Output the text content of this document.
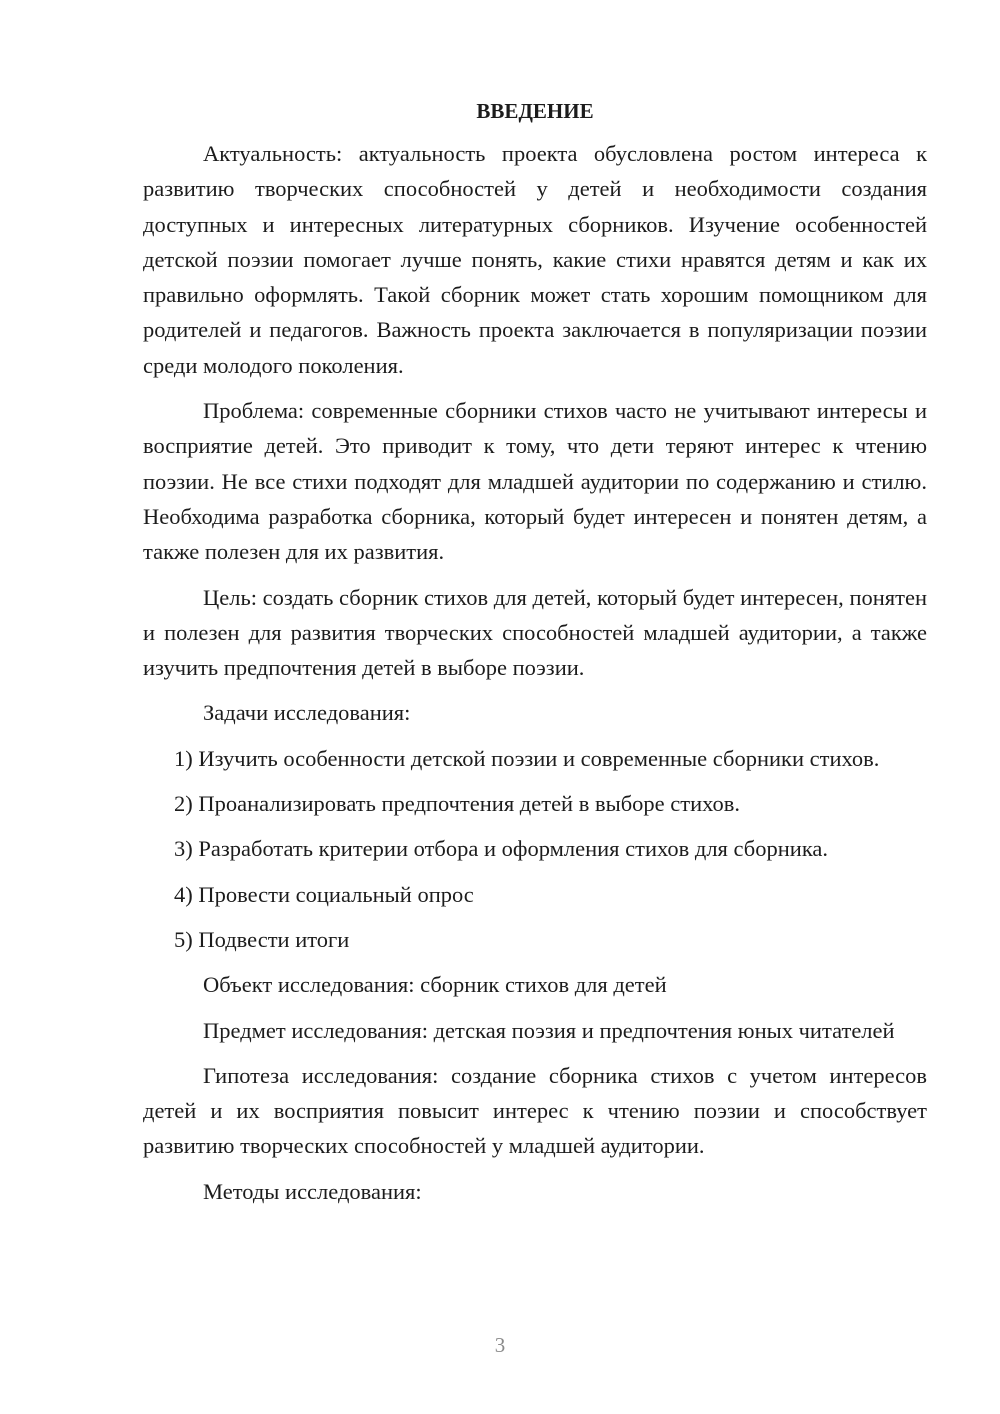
ВВЕДЕНИЕ

Актуальность: актуальность проекта обусловлена ростом интереса к развитию творческих способностей у детей и необходимости создания доступных и интересных литературных сборников. Изучение особенностей детской поэзии помогает лучше понять, какие стихи нравятся детям и как их правильно оформлять. Такой сборник может стать хорошим помощником для родителей и педагогов. Важность проекта заключается в популяризации поэзии среди молодого поколения.

Проблема: современные сборники стихов часто не учитывают интересы и восприятие детей. Это приводит к тому, что дети теряют интерес к чтению поэзии. Не все стихи подходят для младшей аудитории по содержанию и стилю. Необходима разработка сборника, который будет интересен и понятен детям, а также полезен для их развития.

Цель: создать сборник стихов для детей, который будет интересен, понятен и полезен для развития творческих способностей младшей аудитории, а также изучить предпочтения детей в выборе поэзии.

Задачи исследования:

1) Изучить особенности детской поэзии и современные сборники стихов.

2) Проанализировать предпочтения детей в выборе стихов.

3) Разработать критерии отбора и оформления стихов для сборника.

4) Провести социальный опрос

5) Подвести итоги

Объект исследования: сборник стихов для детей

Предмет исследования: детская поэзия и предпочтения юных читателей

Гипотеза исследования: создание сборника стихов с учетом интересов детей и их восприятия повысит интерес к чтению поэзии и способствует развитию творческих способностей у младшей аудитории.

Методы исследования:

3
